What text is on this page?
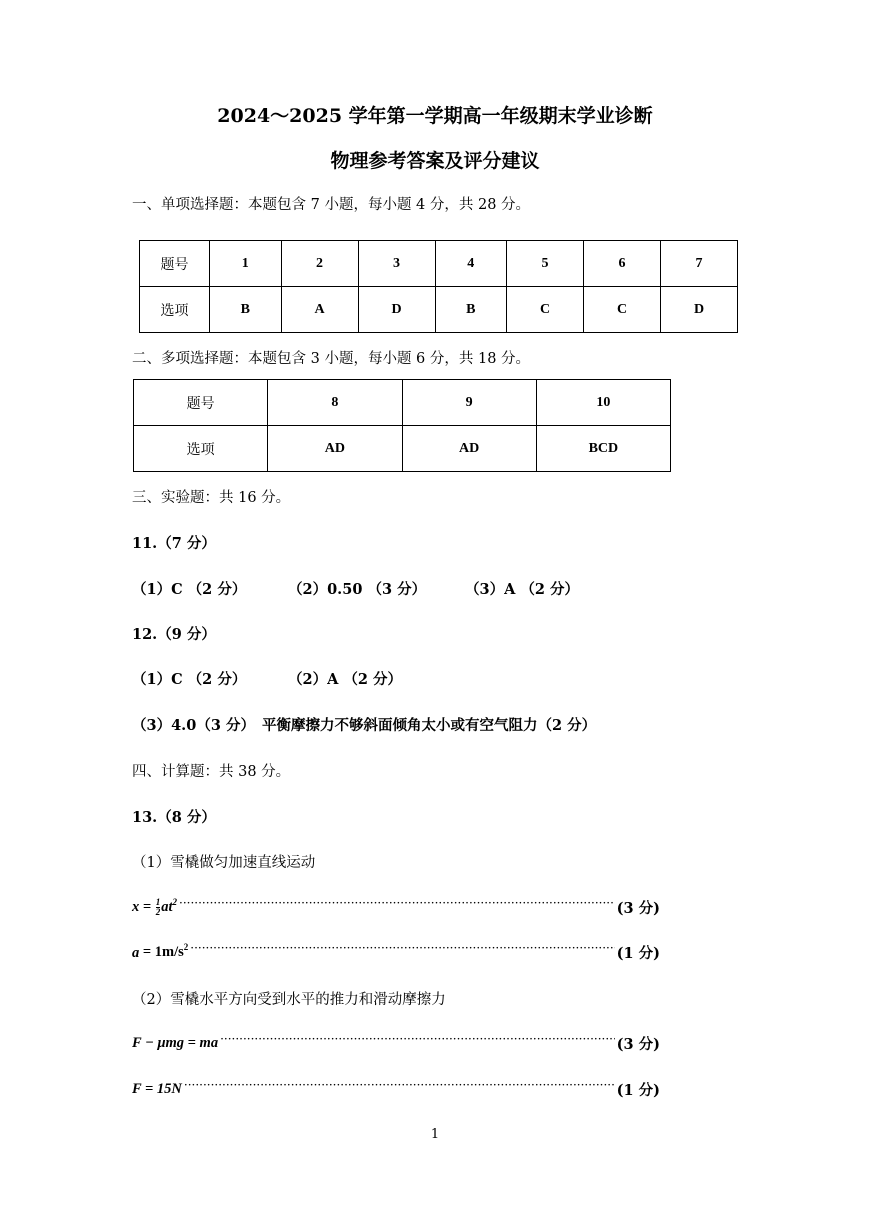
2024～2025 学年第一学期高一年级期末学业诊断
物理参考答案及评分建议
一、单项选择题：本题包含 7 小题，每小题 4 分，共 28 分。
题号	1	2	3	4	5	6	7
选项	B	A	D	B	C	C	D
二、多项选择题：本题包含 3 小题，每小题 6 分，共 18 分。
题号	8	9	10
选项	AD	AD	BCD
三、实验题：共 16 分。
11.（7 分）
（1）C （2 分）	（2）0.50 （3 分）	（3）A （2 分）
12.（9 分）
（1）C （2 分）	（2）A （2 分）
（3）4.0（3 分） 平衡摩擦力不够斜面倾角太小或有空气阻力（2 分）
四、计算题：共 38 分。
13.（8 分）
（1）雪橇做匀加速直线运动
$x = \frac{1}{2} at^2$ ·····	(3 分)
$a = 1m/s^2$ ·····	(1 分)
（2）雪橇水平方向受到水平的推力和滑动摩擦力
F − μmg = ma ·····	(3 分)
F = 15N ·····	(1 分)
1
